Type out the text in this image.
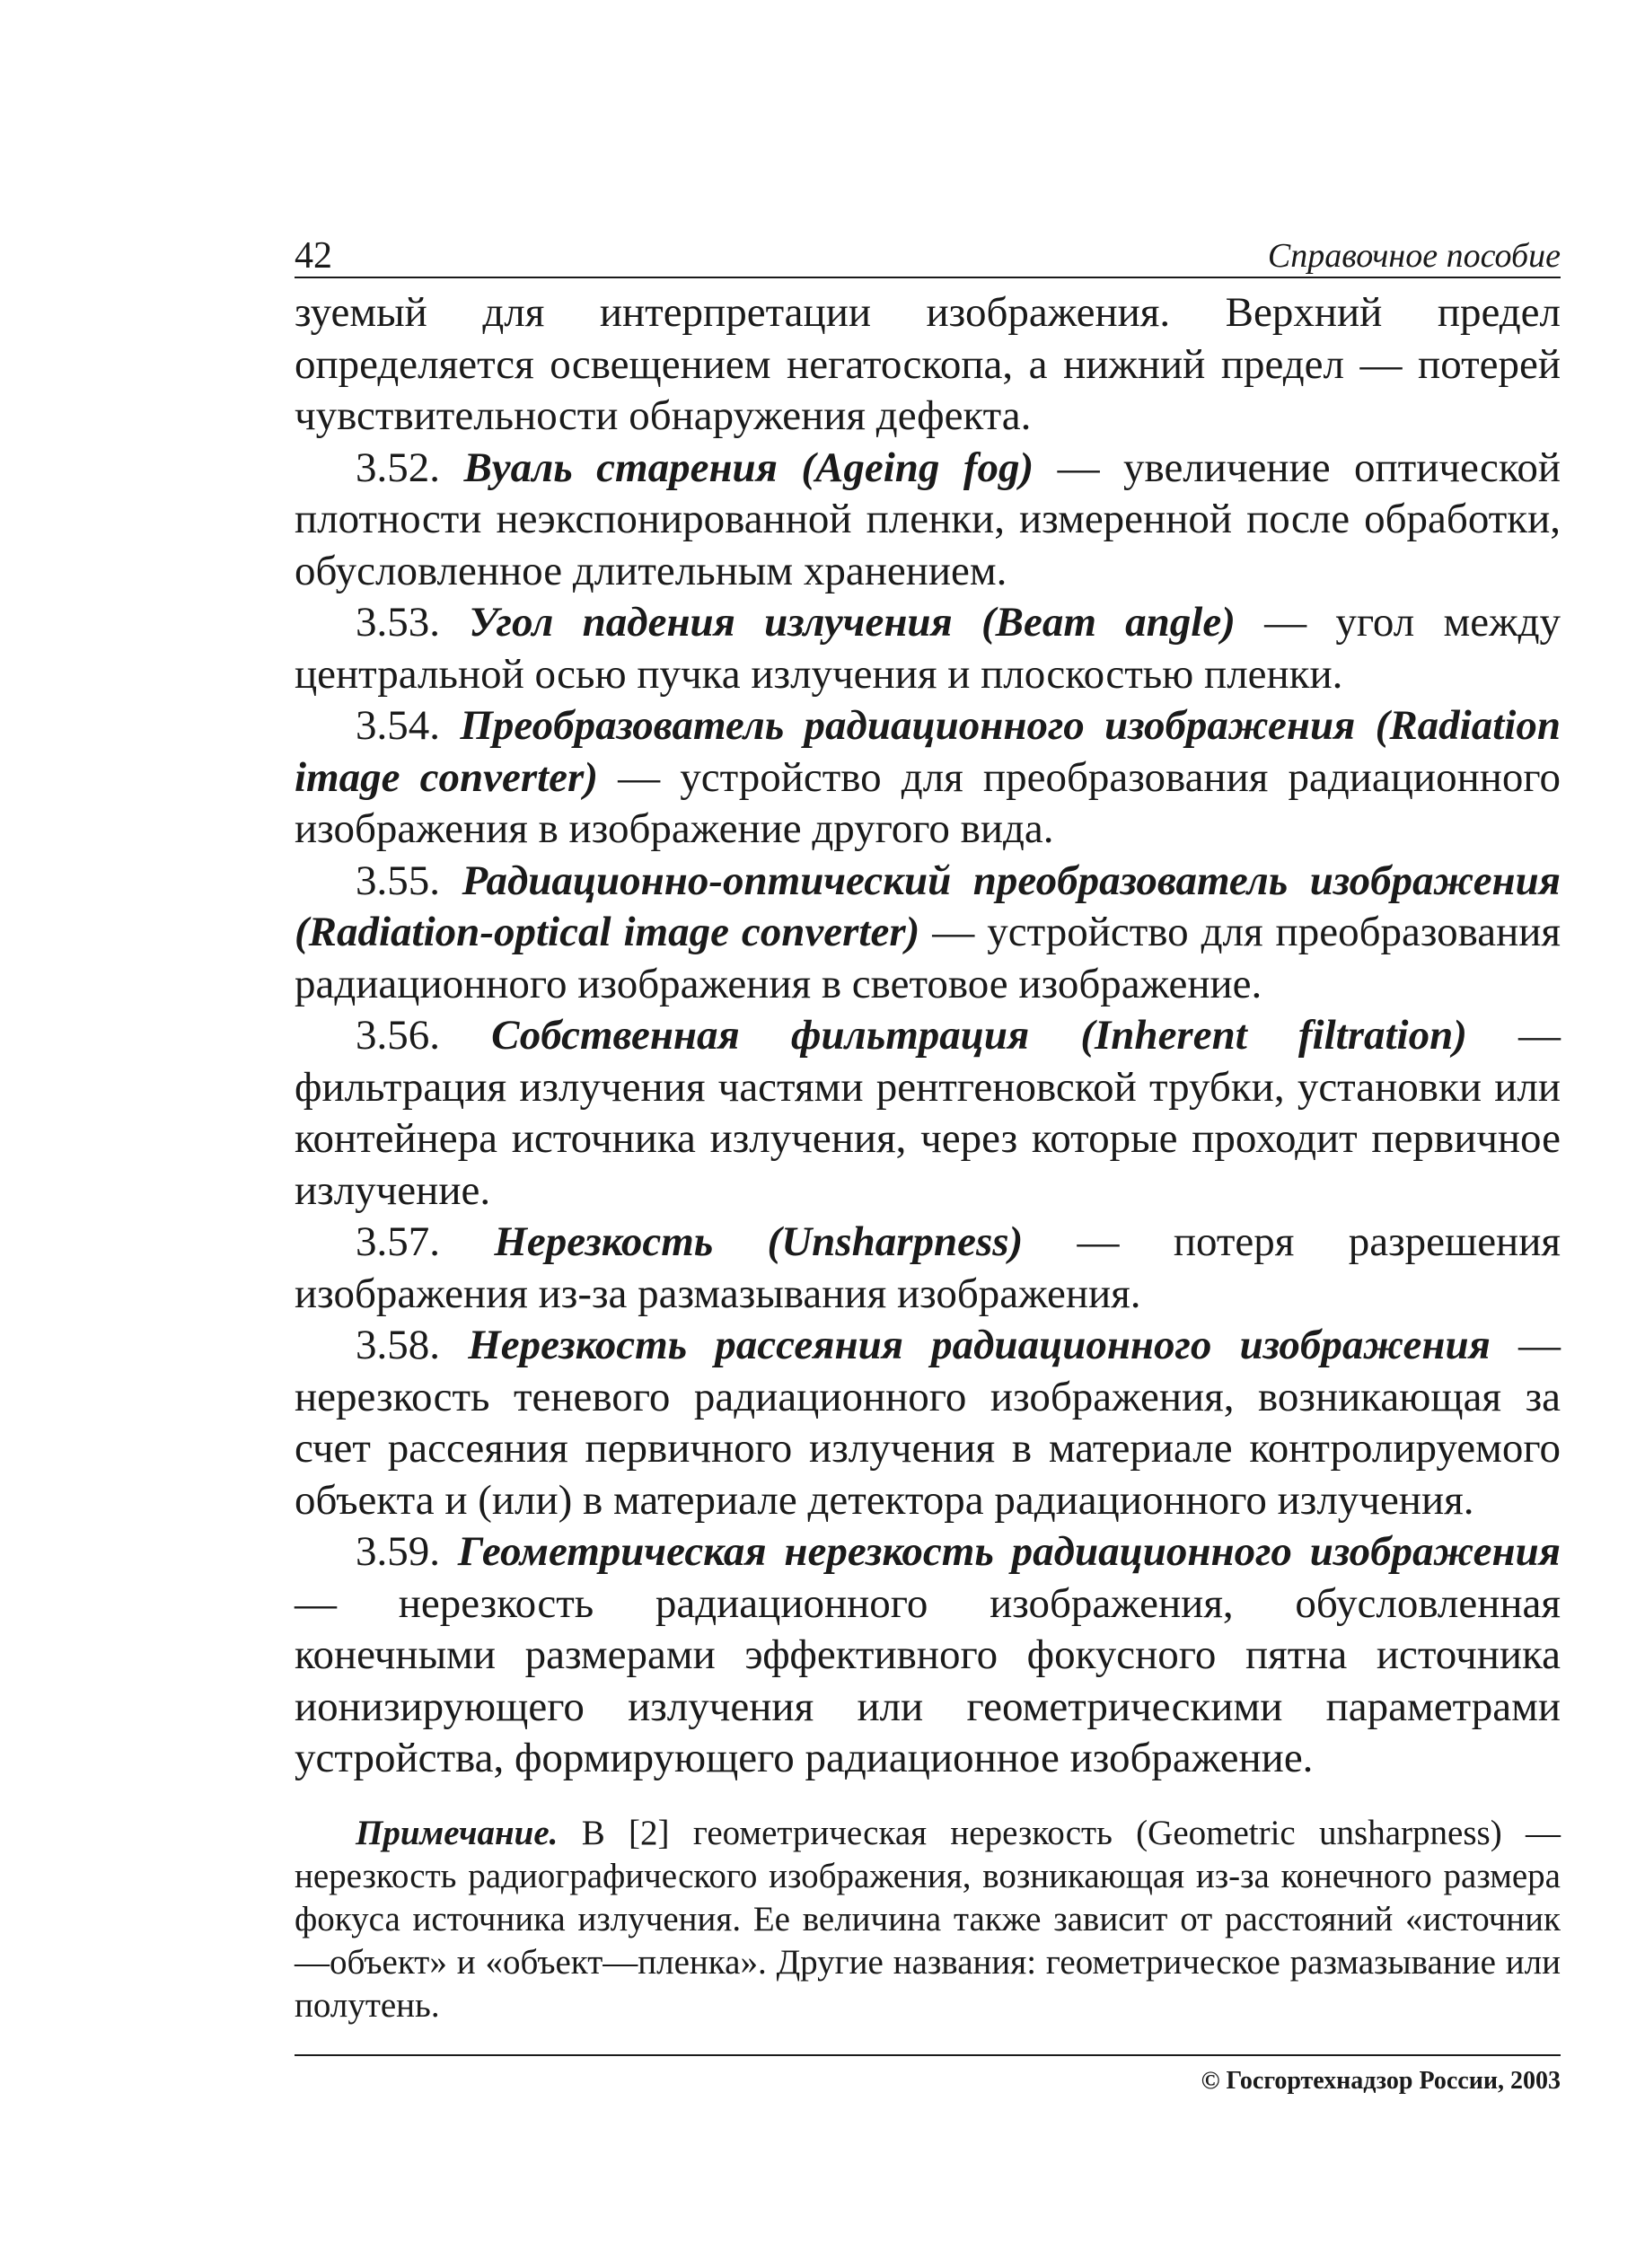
42	Справочное пособие

зуемый для интерпретации изображения. Верхний предел определяется освещением негатоскопа, а нижний предел — потерей чувствительности обнаружения дефекта.

3.52. Вуаль старения (Ageing fog) — увеличение оптической плотности неэкспонированной пленки, измеренной после обработки, обусловленное длительным хранением.

3.53. Угол падения излучения (Beam angle) — угол между центральной осью пучка излучения и плоскостью пленки.

3.54. Преобразователь радиационного изображения (Radiation image converter) — устройство для преобразования радиационного изображения в изображение другого вида.

3.55. Радиационно-оптический преобразователь изображения (Radiation-optical image converter) — устройство для преобразования радиационного изображения в световое изображение.

3.56. Собственная фильтрация (Inherent filtration) — фильтрация излучения частями рентгеновской трубки, установки или контейнера источника излучения, через которые проходит первичное излучение.

3.57. Нерезкость (Unsharpness) — потеря разрешения изображения из-за размазывания изображения.

3.58. Нерезкость рассеяния радиационного изображения — нерезкость теневого радиационного изображения, возникающая за счет рассеяния первичного излучения в материале контролируемого объекта и (или) в материале детектора радиационного излучения.

3.59. Геометрическая нерезкость радиационного изображения — нерезкость радиационного изображения, обусловленная конечными размерами эффективного фокусного пятна источника ионизирующего излучения или геометрическими параметрами устройства, формирующего радиационное изображение.

Примечание. В [2] геометрическая нерезкость (Geometric unsharpness) — нерезкость радиографического изображения, возникающая из-за конечного размера фокуса источника излучения. Ее величина также зависит от расстояний «источник—объект» и «объект—пленка». Другие названия: геометрическое размазывание или полутень.

© Госгортехнадзор России, 2003
